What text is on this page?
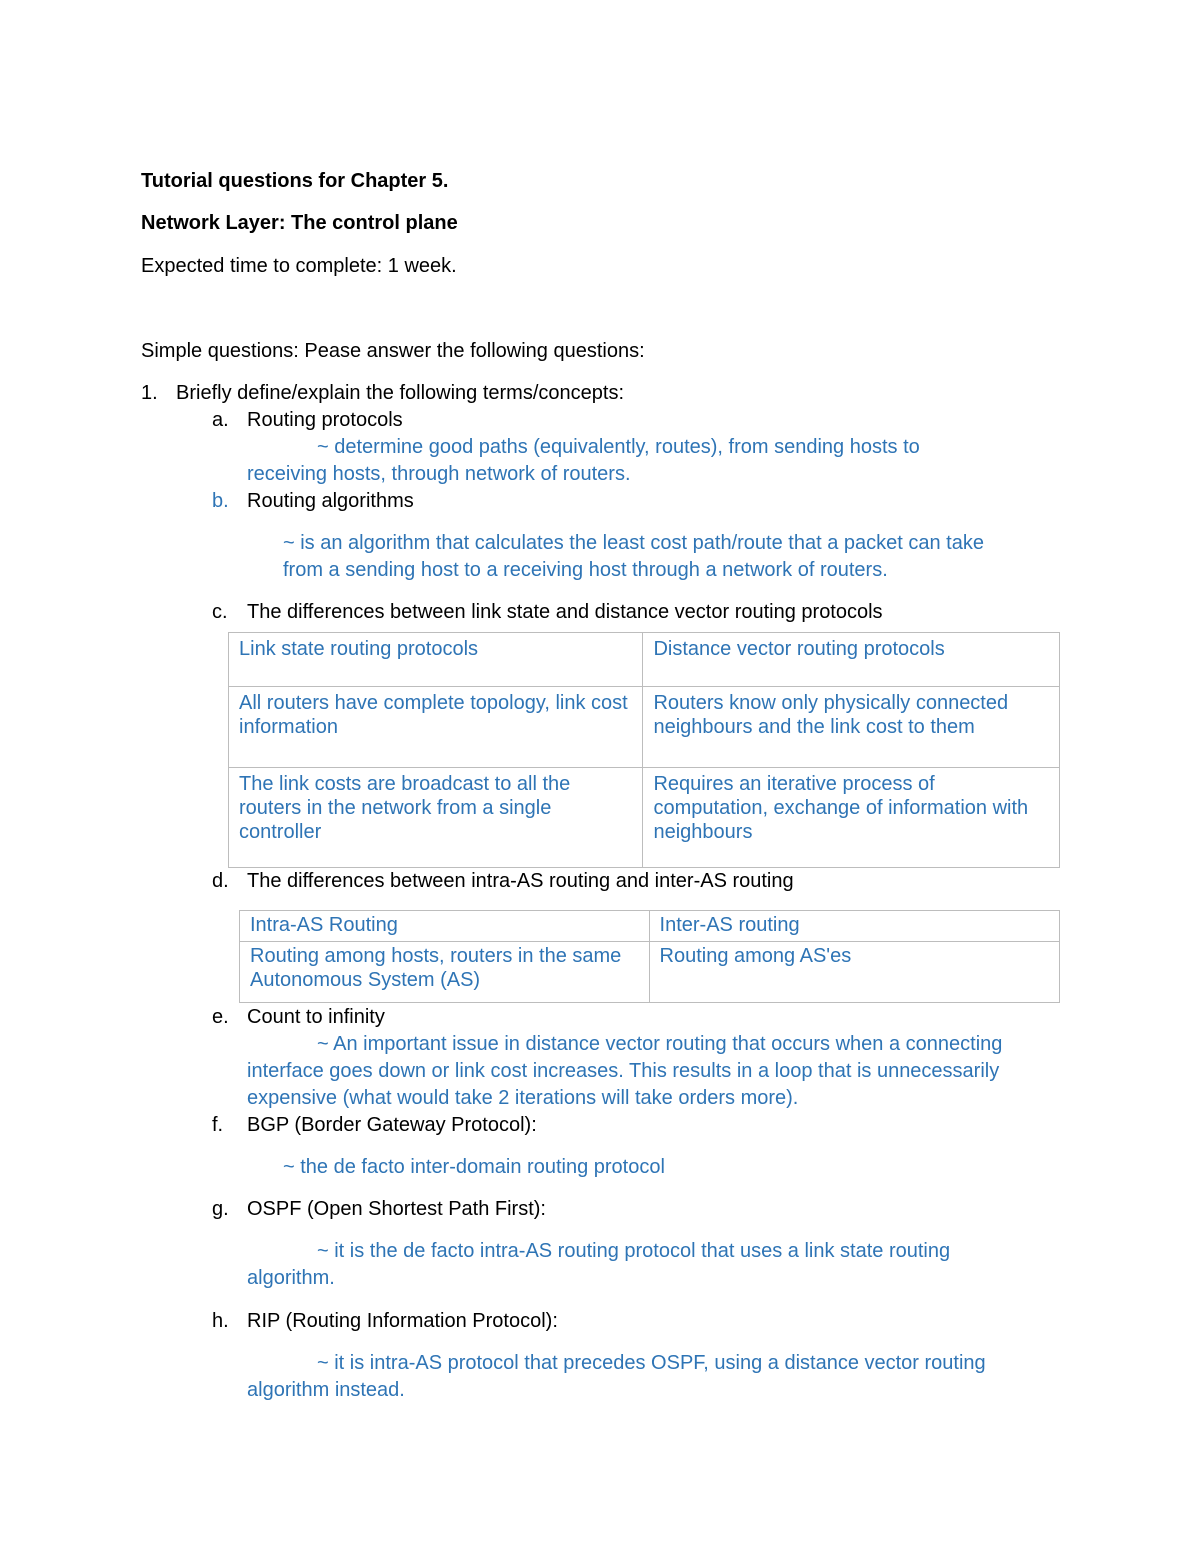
Tutorial questions for Chapter 5.
Network Layer: The control plane
Expected time to complete: 1 week.
Simple questions: Pease answer the following questions:
1. Briefly define/explain the following terms/concepts:
a. Routing protocols
~ determine good paths (equivalently, routes), from sending hosts to
receiving hosts, through network of routers.
b. Routing algorithms
~ is an algorithm that calculates the least cost path/route that a packet can take
from a sending host to a receiving host through a network of routers.
c. The differences between link state and distance vector routing protocols
Link state routing protocols	Distance vector routing protocols
All routers have complete topology, link cost information	Routers know only physically connected neighbours and the link cost to them
The link costs are broadcast to all the routers in the network from a single controller	Requires an iterative process of computation, exchange of information with neighbours
d. The differences between intra-AS routing and inter-AS routing
Intra-AS Routing	Inter-AS routing
Routing among hosts, routers in the same Autonomous System (AS)	Routing among AS'es
e. Count to infinity
~ An important issue in distance vector routing that occurs when a connecting
interface goes down or link cost increases. This results in a loop that is unnecessarily
expensive (what would take 2 iterations will take orders more).
f. BGP (Border Gateway Protocol):
~ the de facto inter-domain routing protocol
g. OSPF (Open Shortest Path First):
~ it is the de facto intra-AS routing protocol that uses a link state routing
algorithm.
h. RIP (Routing Information Protocol):
~ it is intra-AS protocol that precedes OSPF, using a distance vector routing
algorithm instead.
